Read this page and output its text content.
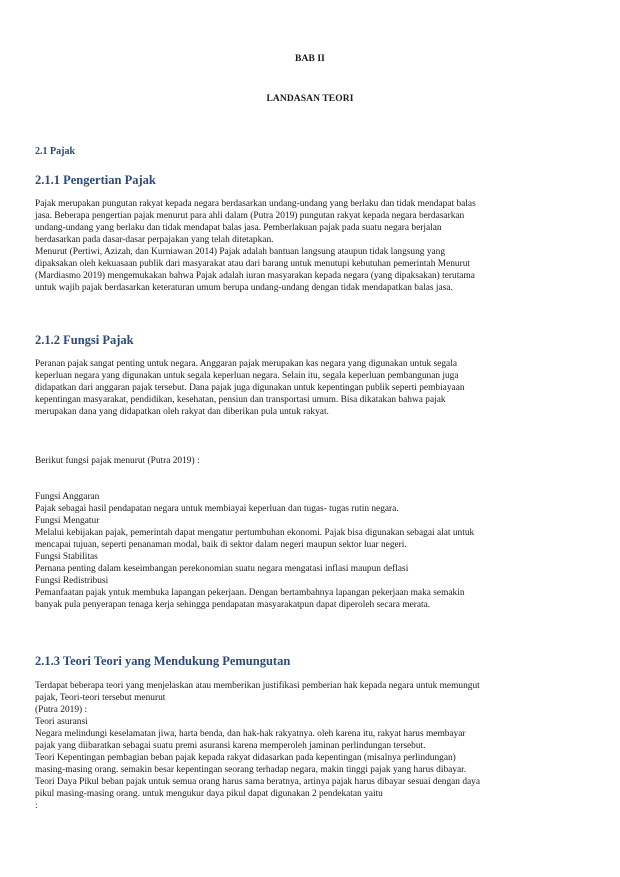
BAB II
LANDASAN TEORI
2.1 Pajak
2.1.1 Pengertian Pajak
Pajak merupakan pungutan rakyat kepada negara berdasarkan undang-undang yang berlaku dan tidak mendapat balas
jasa. Beberapa pengertian pajak menurut para ahli dalam (Putra 2019) pungutan rakyat kepada negara berdasarkan
undang-undang yang berlaku dan tidak mendapat balas jasa. Pemberlakuan pajak pada suatu negara berjalan
berdasarkan pada dasar-dasar perpajakan yang telah ditetapkan.
Menurut (Pertiwi, Azizah, dan Kurniawan 2014) Pajak adalah bantuan langsung ataupun tidak langsung yang
dipaksakan oleh kekuasaan publik dari masyarakat atau dari barang untuk menutupi kebutuhan pemerintah Menurut
(Mardiasmo 2019) mengemukakan bahwa Pajak adalah iuran masyarakan kepada negara (yang dipaksakan) terutama
untuk wajib pajak berdasarkan keteraturan umum berupa undang-undang dengan tidak mendapatkan balas jasa.
2.1.2 Fungsi Pajak
Peranan pajak sangat penting untuk negara. Anggaran pajak merupakan kas negara yang digunakan untuk segala
keperluan negara yang digunakan untuk segala keperluan negara. Selain itu, segala keperluan pembangunan juga
didapatkan dari anggaran pajak tersebut. Dana pajak juga digunakan untuk kepentingan publik seperti pembiayaan
kepentingan masyarakat, pendidikan, kesehatan, pensiun dan transportasi umum. Bisa dikatakan bahwa pajak
merupakan dana yang didapatkan oleh rakyat dan diberikan pula untuk rakyat.
Berikut fungsi pajak menurut (Putra 2019) :
Fungsi Anggaran
Pajak sebagai hasil pendapatan negara untuk membiayai keperluan dan tugas- tugas rutin negara.
Fungsi Mengatur
Melalui kebijakan pajak, pemerintah dapat mengatur pertumbuhan ekonomi. Pajak bisa digunakan sebagai alat untuk
mencapai tujuan, seperti penanaman modal, baik di sektor dalam negeri maupun sektor luar negeri.
Fungsi Stabilitas
Pernana penting dalam keseimbangan perekonomian suatu negara mengatasi inflasi maupun deflasi
Fungsi Redistribusi
Pemanfaatan pajak yntuk membuka lapangan pekerjaan. Dengan bertambahnya lapangan pekerjaan maka semakin
banyak pula penyerapan tenaga kerja sehingga pendapatan masyarakatpun dapat diperoleh secara merata.
2.1.3 Teori Teori yang Mendukung Pemungutan
Terdapat beberapa teori yang menjelaskan atau memberikan justifikasi pemberian hak kepada negara untuk memungut
pajak, Teori-teori tersebut menurut
(Putra 2019) :
Teori asuransi
Negara melindungi keselamatan jiwa, harta benda, dan hak-hak rakyatnya. oleh karena itu, rakyat harus membayar
pajak yang diibaratkan sebagai suatu premi asuransi karena memperoleh jaminan perlindungan tersebut.
Teori Kepentingan pembagian beban pajak kepada rakyat didasarkan pada kepentingan (misalnya perlindungan)
masing-masing orang. semakin besar kepentingan seorang terhadap negara, makin tinggi pajak yang harus dibayar.
Teori Daya Pikul beban pajak untuk semua orang harus sama beratnya, artinya pajak harus dibayar sesuai dengan daya
pikul masing-masing orang. untuk mengukur daya pikul dapat digunakan 2 pendekatan yaitu
:
